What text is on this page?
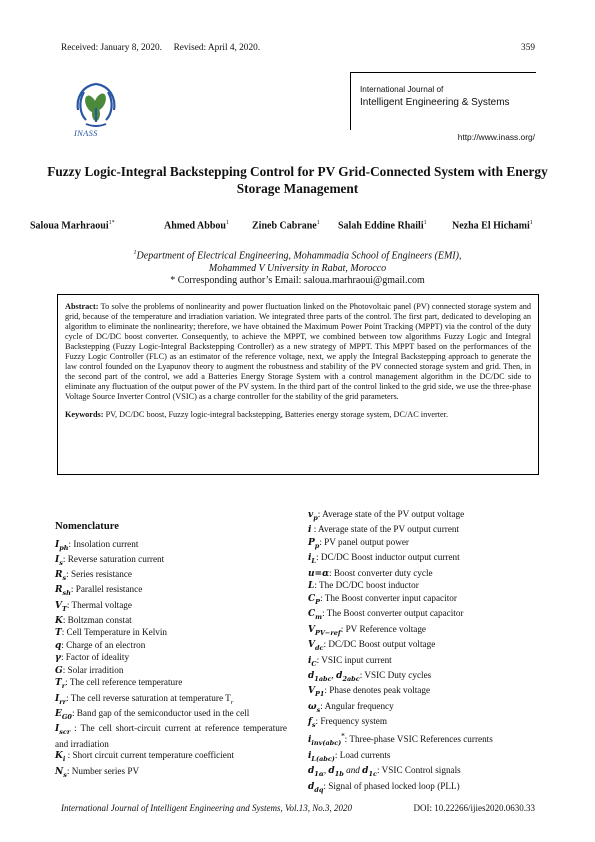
Received: January 8, 2020.     Revised: April 4, 2020.	359
INASS
International Journal of
Intelligent Engineering & Systems
http://www.inass.org/
Fuzzy Logic-Integral Backstepping Control for PV Grid-Connected System with Energy Storage Management
Saloua Marhraoui$^{1*}$	Ahmed Abbou$^1$ Zineb Cabrane$^1$ Salah Eddine Rhaili$^1$	Nezha El Hichami$^1$
$^1$Department of Electrical Engineering, Mohammadia School of Engineers (EMI),
Mohammed V University in Rabat, Morocco
* Corresponding author’s Email: saloua.marhraoui@gmail.com
Abstract: To solve the problems of nonlinearity and power fluctuation linked on the Photovoltaic panel (PV) connected storage system and grid, because of the temperature and irradiation variation. We integrated three parts of the control. The first part, dedicated to developing an algorithm to eliminate the nonlinearity; therefore, we have obtained the Maximum Power Point Tracking (MPPT) via the control of the duty cycle of DC/DC boost converter. Consequently, to achieve the MPPT, we combined between tow algorithms Fuzzy Logic and Integral Backstepping (Fuzzy Logic-Integral Backstepping Controller) as a new strategy of MPPT. This MPPT based on the performances of the Fuzzy Logic Controller (FLC) as an estimator of the reference voltage, next, we apply the Integral Backstepping approach to generate the law control founded on the Lyapunov theory to augment the robustness and stability of the PV connected storage system and grid. Then, in the second part of the control, we add a Batteries Energy Storage System with a control management algorithm in the DC/DC side to eliminate any fluctuation of the output power of the PV system. In the third part of the control linked to the grid side, we use the three-phase Voltage Source Inverter Control (VSIC) as a charge controller for the stability of the grid parameters.
Keywords: PV, DC/DC boost, Fuzzy logic-integral backstepping, Batteries energy storage system, DC/AC inverter.
Nomenclature
$I_{ph}$: Insolation current
$I_s$: Reverse saturation current
$R_s$: Series resistance
$R_{sh}$: Parallel resistance
$V_T$: Thermal voltage
K: Boltzman constat
T: Cell Temperature in Kelvin
q: Charge of an electron
γ: Factor of ideality
G: Solar irradition
$T_r$: The cell reference temperature
$I_{rr}$: The cell reverse saturation at temperature $T_r$
$E_{G0}$: Band gap of the semiconductor used in the cell
$I_{scr}$ : The cell short-circuit current at reference temperature and irradiation
$K_i$ : Short circuit current temperature coefficient
$N_s$: Number series PV
$v_p$: Average state of the PV output voltage
i : Average state of the PV output current
$P_p$: PV panel output power
$i_L$: DC/DC Boost inductor output current
u=α: Boost converter duty cycle
L: The DC/DC boost inductor
$C_P$: The Boost converter input capacitor
$C_m$: The Boost converter output capacitor
$V_{PV-ref}$: PV Reference voltage
$V_{dc}$: DC/DC Boost output voltage
$i_C$: VSIC input current
$d_{1abc}$, $d_{2abc}$: VSIC Duty cycles
$V_{P1}$: Phase denotes peak voltage
$\omega_s$: Angular frequency
$f_s$: Frequency system
$i_{inv(abc)}^*$: Three-phase VSIC References currents
$i_{L(abc)}$: Load currents
$d_{1\alpha}$, $d_{1b}$ and $d_{1c}$: VSIC Control signals
$d_{dq}$: Signal of phased locked loop (PLL)
International Journal of Intelligent Engineering and Systems, Vol.13, No.3, 2020	DOI: 10.22266/ijies2020.0630.33
